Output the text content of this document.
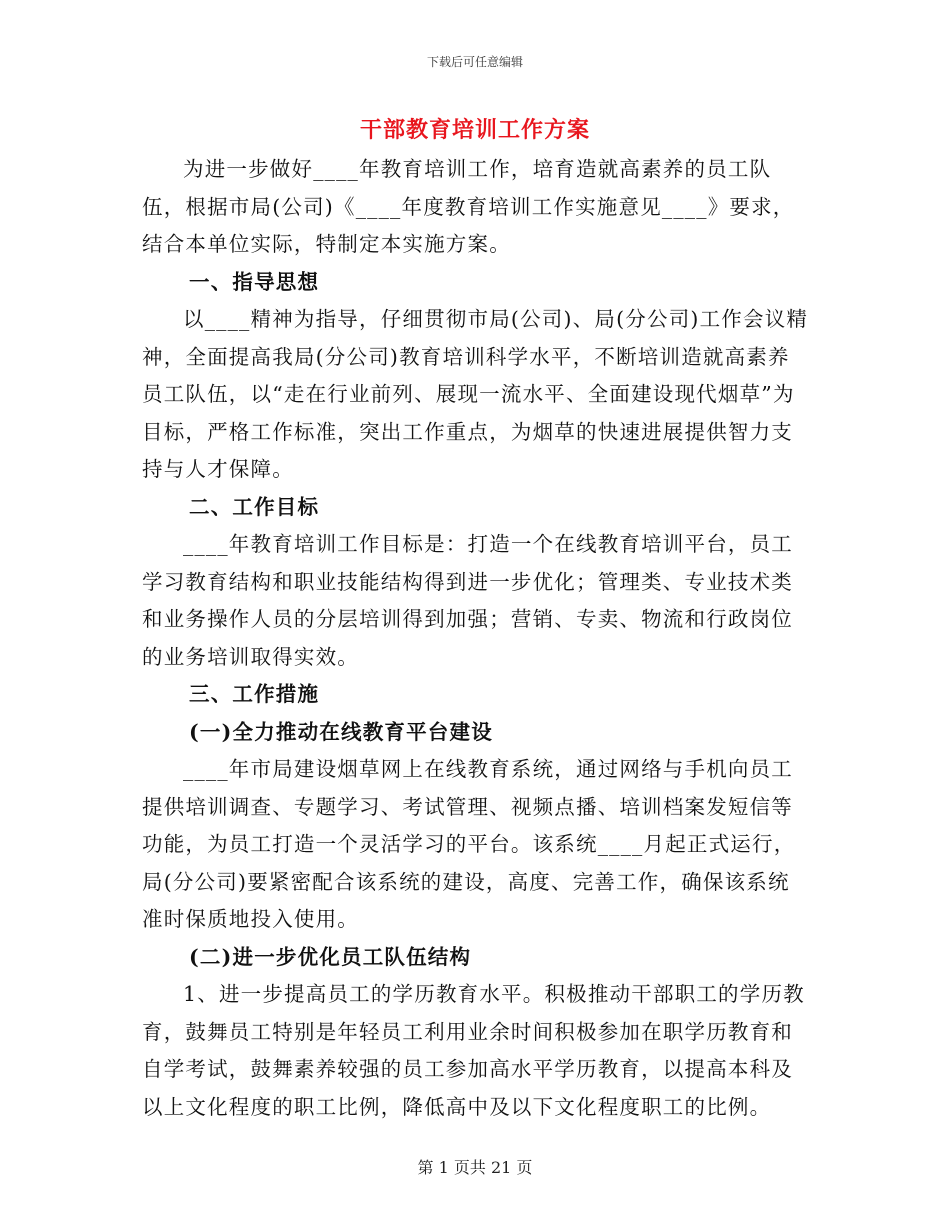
下载后可任意编辑
干部教育培训工作方案

为进一步做好____年教育培训工作，培育造就高素养的员工队伍，根据市局(公司)《____年度教育培训工作实施意见____》要求，结合本单位实际，特制定本实施方案。

一、指导思想

以____精神为指导，仔细贯彻市局(公司)、局(分公司)工作会议精神，全面提高我局(分公司)教育培训科学水平，不断培训造就高素养员工队伍，以“走在行业前列、展现一流水平、全面建设现代烟草”为目标，严格工作标准，突出工作重点，为烟草的快速进展提供智力支持与人才保障。

二、工作目标

____年教育培训工作目标是：打造一个在线教育培训平台，员工学习教育结构和职业技能结构得到进一步优化；管理类、专业技术类和业务操作人员的分层培训得到加强；营销、专卖、物流和行政岗位的业务培训取得实效。

三、工作措施

(一)全力推动在线教育平台建设

____年市局建设烟草网上在线教育系统，通过网络与手机向员工提供培训调查、专题学习、考试管理、视频点播、培训档案发短信等功能，为员工打造一个灵活学习的平台。该系统____月起正式运行，局(分公司)要紧密配合该系统的建设，高度、完善工作，确保该系统准时保质地投入使用。

(二)进一步优化员工队伍结构

1、进一步提高员工的学历教育水平。积极推动干部职工的学历教育，鼓舞员工特别是年轻员工利用业余时间积极参加在职学历教育和自学考试，鼓舞素养较强的员工参加高水平学历教育，以提高本科及以上文化程度的职工比例，降低高中及以下文化程度职工的比例。

第 1 页共 21 页
